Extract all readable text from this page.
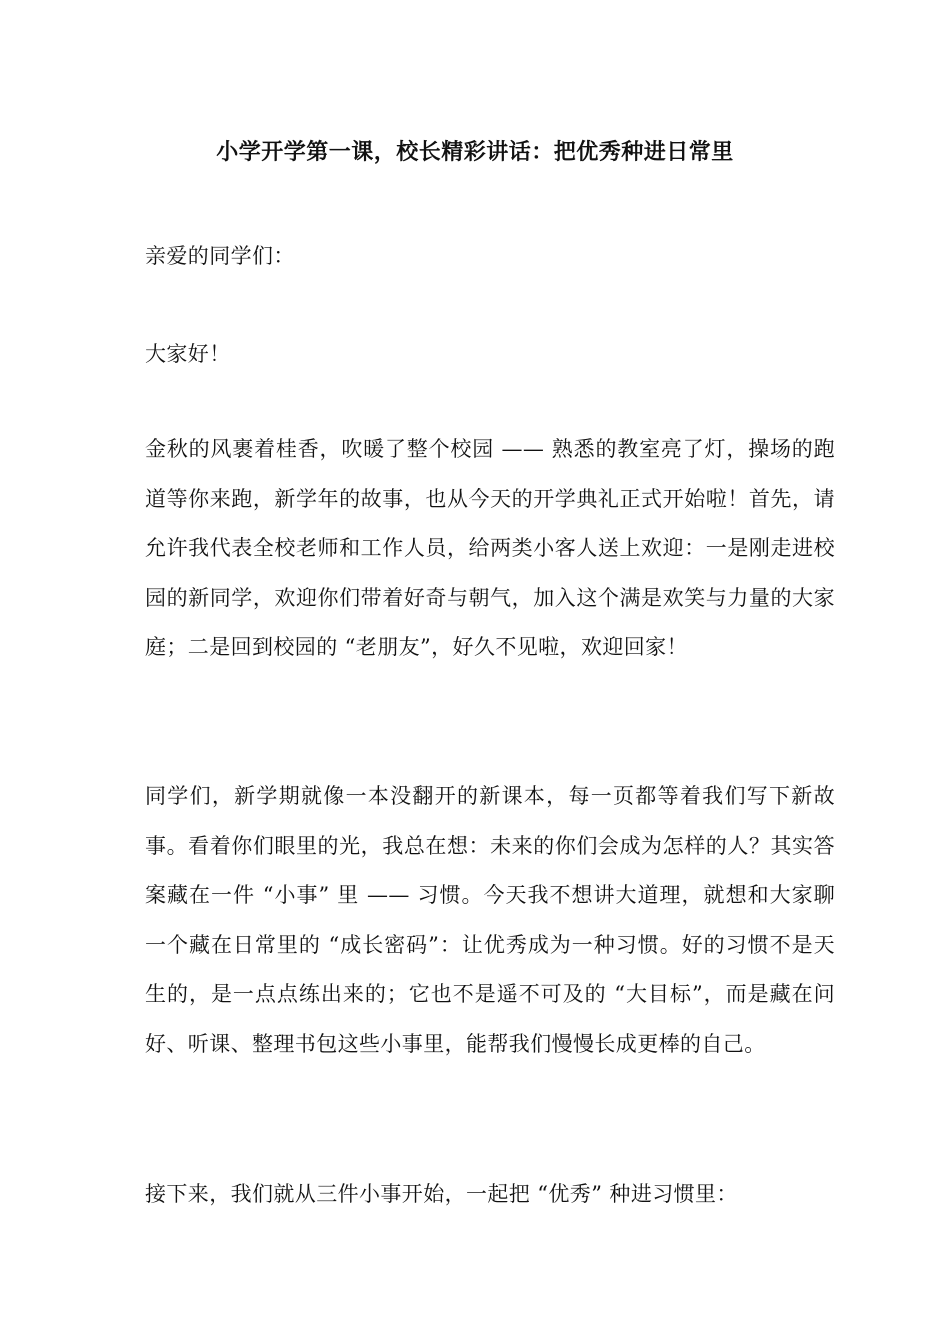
小学开学第一课，校长精彩讲话：把优秀种进日常里

亲爱的同学们：

大家好！

金秋的风裹着桂香，吹暖了整个校园 —— 熟悉的教室亮了灯，操场的跑道等你来跑，新学年的故事，也从今天的开学典礼正式开始啦！首先，请允许我代表全校老师和工作人员，给两类小客人送上欢迎：一是刚走进校园的新同学，欢迎你们带着好奇与朝气，加入这个满是欢笑与力量的大家庭；二是回到校园的 “老朋友”，好久不见啦，欢迎回家！

同学们，新学期就像一本没翻开的新课本，每一页都等着我们写下新故事。看着你们眼里的光，我总在想：未来的你们会成为怎样的人？其实答案藏在一件 “小事” 里 —— 习惯。今天我不想讲大道理，就想和大家聊一个藏在日常里的 “成长密码”：让优秀成为一种习惯。好的习惯不是天生的，是一点点练出来的；它也不是遥不可及的 “大目标”，而是藏在问好、听课、整理书包这些小事里，能帮我们慢慢长成更棒的自己。

接下来，我们就从三件小事开始，一起把 “优秀” 种进习惯里：
